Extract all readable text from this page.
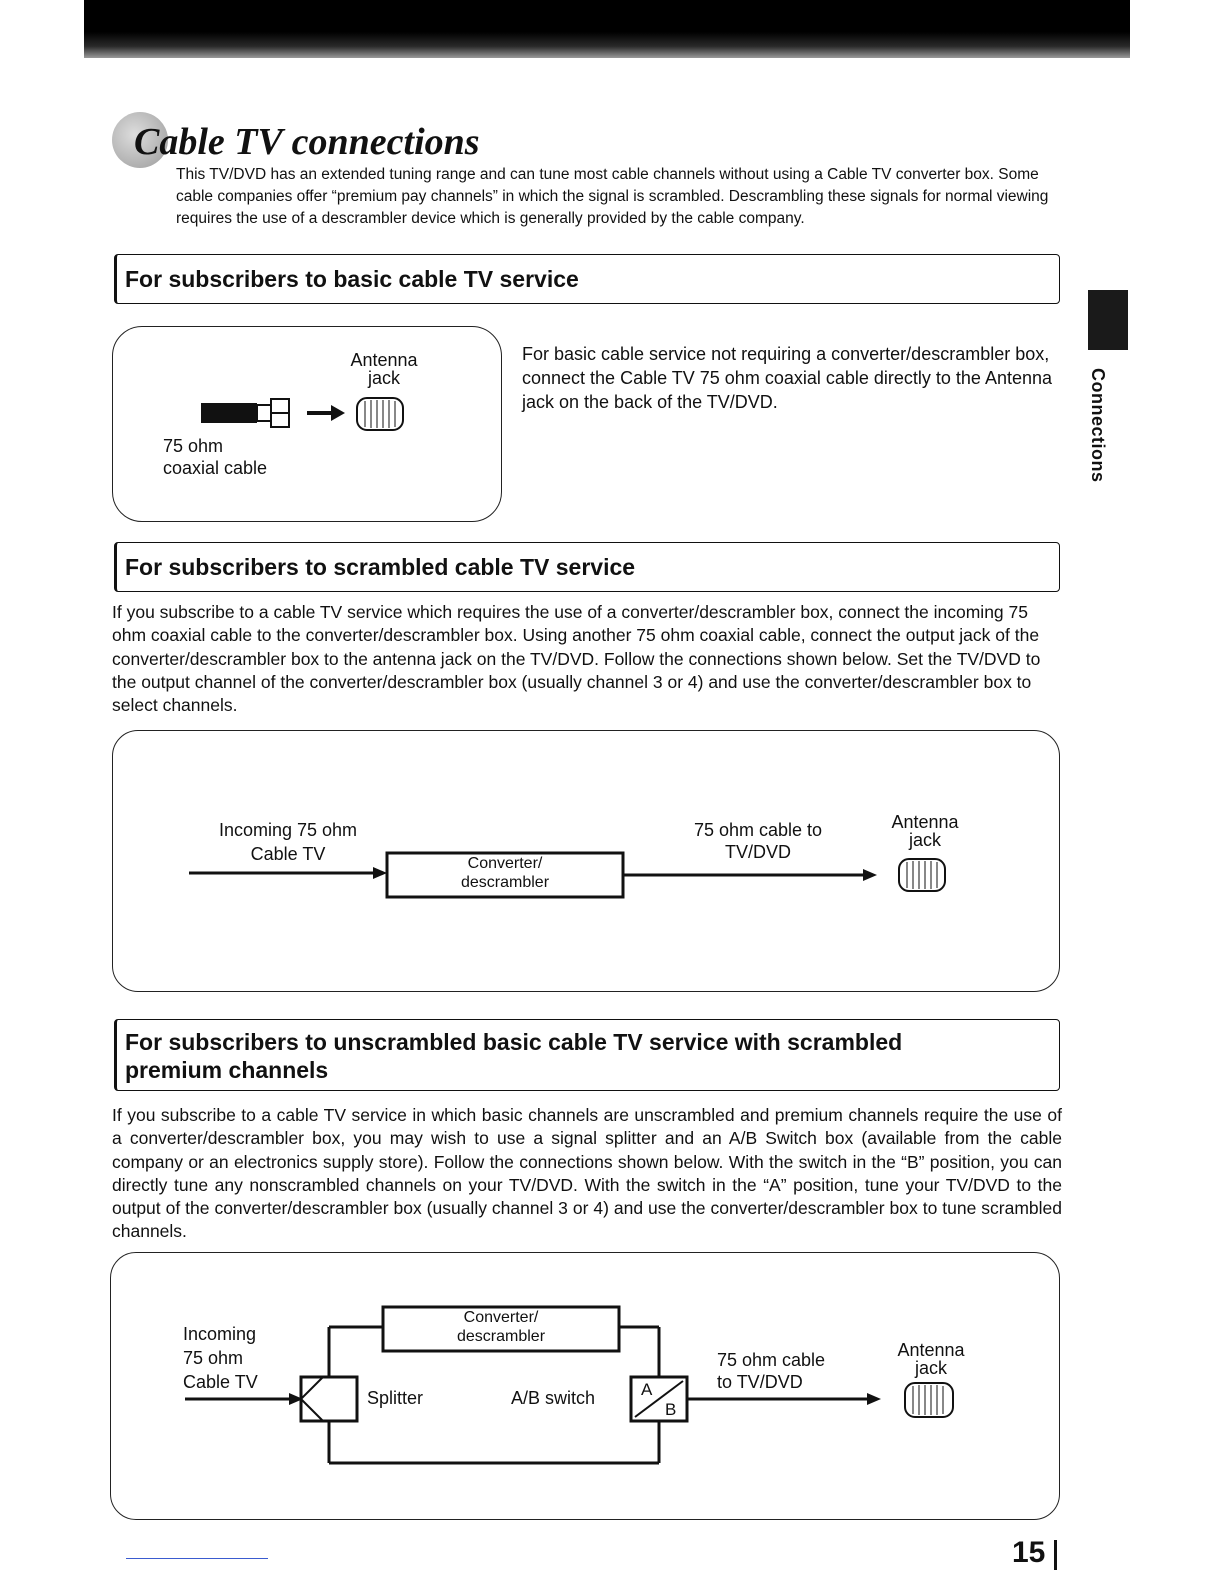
Cable TV connections

This TV/DVD has an extended tuning range and can tune most cable channels without using a Cable TV converter box. Some cable companies offer “premium pay channels” in which the signal is scrambled. Descrambling these signals for normal viewing requires the use of a descrambler device which is generally provided by the cable company.

Connections
For subscribers to basic cable TV service

Antenna

jack

75 ohm

coaxial cable

For basic cable service not requiring a converter/descrambler box, connect the Cable TV 75 ohm coaxial cable directly to the Antenna jack on the back of the TV/DVD.

For subscribers to scrambled cable TV service

If you subscribe to a cable TV service which requires the use of a converter/descrambler box, connect the incoming 75 ohm coaxial cable to the converter/descrambler box. Using another 75 ohm coaxial cable, connect the output jack of the converter/descrambler box to the antenna jack on the TV/DVD. Follow the connections shown below. Set the TV/DVD to the output channel of the converter/descrambler box (usually channel 3 or 4) and use the converter/descrambler box to select channels.

Incoming 75 ohm

Cable TV	Converter/

descrambler

75 ohm cable to

TV/DVD

Antenna

jack

For subscribers to unscrambled basic cable TV service with scrambled
premium channels

If you subscribe to a cable TV service in which basic channels are unscrambled and premium channels require the use of a converter/descrambler box, you may wish to use a signal splitter and an A/B Switch box (available from the cable company or an electronics supply store). Follow the connections shown below. With the switch in the “B” position, you can directly tune any nonscrambled channels on your TV/DVD. With the switch in the “A” position, tune your TV/DVD to the output of the converter/descrambler box (usually channel 3 or 4) and use the converter/descrambler box to tune scrambled channels.

Incoming

75 ohm

Cable TV

Converter/

descrambler

Splitter	A/B switch	A

B

75 ohm cable

to TV/DVD

Antenna

jack

15
